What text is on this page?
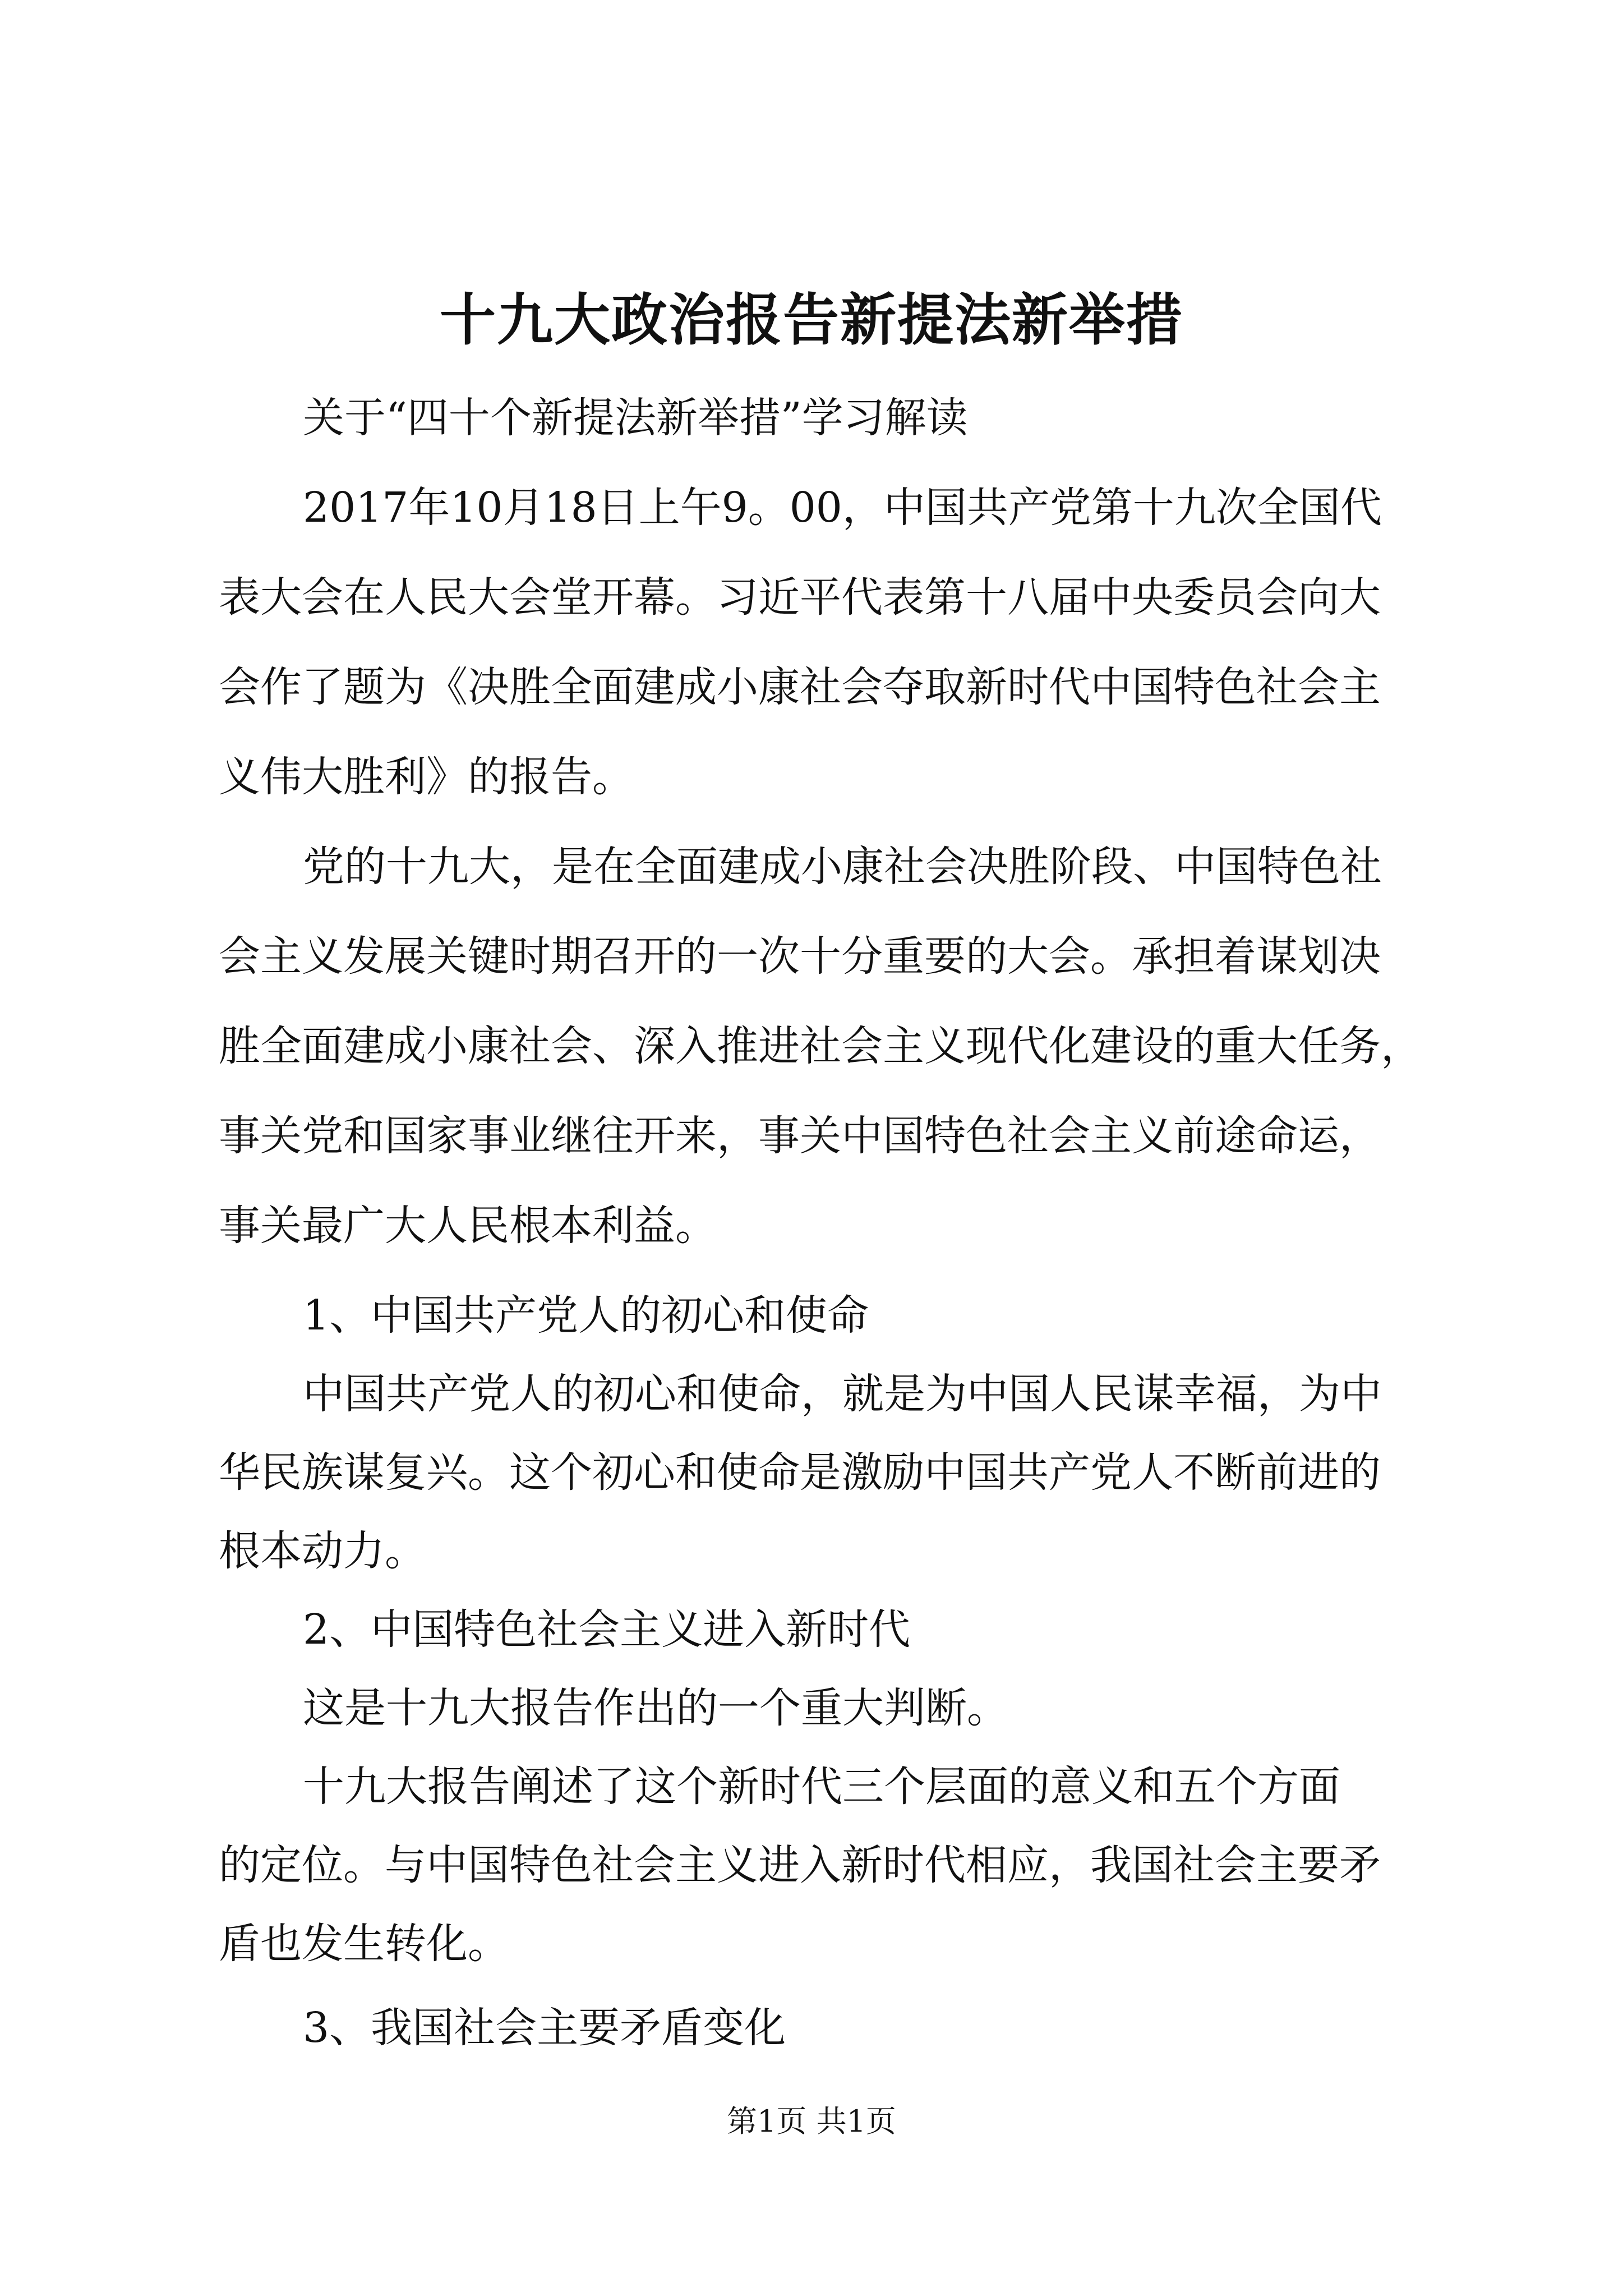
十九大政治报告新提法新举措
关于“四十个新提法新举措”学习解读
2017年10月18日上午9。00，中国共产党第十九次全国代
表大会在人民大会堂开幕。习近平代表第十八届中央委员会向大
会作了题为《决胜全面建成小康社会夺取新时代中国特色社会主
义伟大胜利》的报告。
党的十九大，是在全面建成小康社会决胜阶段、中国特色社
会主义发展关键时期召开的一次十分重要的大会。承担着谋划决
胜全面建成小康社会、深入推进社会主义现代化建设的重大任务，
事关党和国家事业继往开来，事关中国特色社会主义前途命运，
事关最广大人民根本利益。
1、中国共产党人的初心和使命
中国共产党人的初心和使命，就是为中国人民谋幸福，为中
华民族谋复兴。这个初心和使命是激励中国共产党人不断前进的
根本动力。
2、中国特色社会主义进入新时代
这是十九大报告作出的一个重大判断。
十九大报告阐述了这个新时代三个层面的意义和五个方面
的定位。与中国特色社会主义进入新时代相应，我国社会主要矛
盾也发生转化。
第1页 共1页
3、我国社会主要矛盾变化
